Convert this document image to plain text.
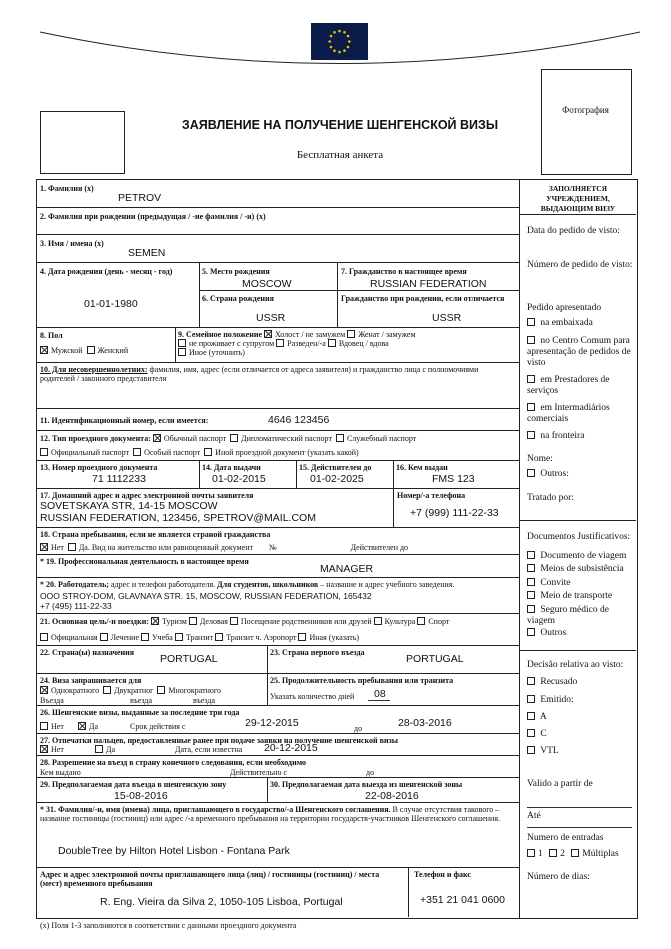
Фотография
ЗАЯВЛЕНИЕ НА ПОЛУЧЕНИЕ ШЕНГЕНСКОЙ ВИЗЫ
Бесплатная анкета
1. Фамилия (x)
PETROV
2. Фамилия при рождении (предыдущая / -ие фамилия / -и) (x)
3. Имя / имена (x)
SEMEN
4. Дата рождения (день - месяц - год)
01-01-1980
5. Место рождения
MOSCOW
6. Страна рождения
USSR
7. Гражданство в настоящее время
RUSSIAN FEDERATION
Гражданство при рождении, если отличается
USSR
8. Пол
Мужской Женский
9. Семейное положение Холост / не замужем Женат / замужем
не проживает с супругом Разведен/-а Вдовец / вдова
Иное (уточнить)
10. Для несовершеннолетних: фамилия, имя, адрес (если отличается от адреса заявителя) и гражданство лица с полномочиями родителей / законного представителя
11. Идентификационный номер, если имеется:	4646 123456
12. Тип проездного документа: Обычный паспорт Дипломатический паспорт Служебный паспорт
Официальный паспорт Особый паспорт Иной проездной документ (указать какой)
13. Номер проездного документа
71 1112233
14. Дата выдачи
01-02-2015
15. Действителен до
01-02-2025
16. Кем выдан
FMS 123
17. Домашний адрес и адрес электронной почты заявителя
SOVETSKAYA STR, 14-15 MOSCOW
RUSSIAN FEDERATION, 123456, SPETROV@MAIL.COM
Номер/-а телефона
+7 (999) 111-22-33
18. Страна пребывания, если не является страной гражданства
Нет Да. Вид на жительство или равноценный документ №	Действителен до
* 19. Профессиональная деятельность в настоящее время
MANAGER
* 20. Работодатель; адрес и телефон работодателя. Для студентов, школьников – название и адрес учебного заведения.
OOO STROY-DOM, GLAVNAYA STR. 15, MOSCOW, RUSSIAN FEDERATION, 165432
+7 (495) 111-22-33
21. Основная цель/-и поездки: Туризм Деловая Посещение родственников или друзей Культура Спорт
Официальная Лечение Учеба Транзит Транзит ч. Аэропорт Иная (указать)
22. Страна(ы) назначения
PORTUGAL
23. Страна первого въезда
PORTUGAL
24. Виза запрашивается для
Однократного Двукратног Многократного
Въезда	въезда	въезда
25. Продолжительность пребывания или транзита
Указать количество дней 08
26. Шенгенские визы, выданные за последние три года
Нет	Да	Срок действия с	29-12-2015	до	28-03-2016
27. Отпечатки пальцев, предоставленные ранее при подаче заявки на получение шенгенской визы
Нет	Да	Дата, если известна 20-12-2015
28. Разрешение на въезд в страну конечного следования, если необходимо
Кем выдано	Действительно с	до
29. Предполагаемая дата въезда в шенгенскую зону
15-08-2016
30. Предполагаемая дата выезда из шенгенской зоны
22-08-2016
* 31. Фамилия/-и, имя (имена) лица, приглашающего в государство/-а Шенгенского соглашения. В случае отсутствия такового – название гостиницы (гостиниц) или адрес /-а временного пребывания на территории государств-участников Шенгенского соглашения.
DoubleTree by Hilton Hotel Lisbon - Fontana Park
Адрес и адрес электронной почты приглашающего лица (лиц) / гостиницы (гостиниц) / места (мест) временного пребывания
R. Eng. Vieira da Silva 2, 1050-105 Lisboa, Portugal
Телефон и факс
+351 21 041 0600
(x) Поля 1-3 заполняются в соответствии с данными проездного документа
ЗАПОЛНЯЕТСЯ УЧРЕЖДЕНИЕМ, ВЫДАЮЩИМ ВИЗУ
Data do pedido de visto:
Número de pedido de visto:
Pedido apresentado
na embaixada
no Centro Comum para apresentação de pedidos de visto
em Prestadores de serviços
em Intermadiários comerciais
na fronteira
Nome:
Outros:
Tratado por:
Documentos Justificativos:
Documento de viagem
Meios de subsistência
Convite
Meio de transporte
Seguro médico de viagem
Outros
Decisão relativa ao visto:
Recusado
Emitido:
A
C
VTL
Valido a partir de
Até
Numero de entradas
1 2 Múltiplas
Número de dias:
